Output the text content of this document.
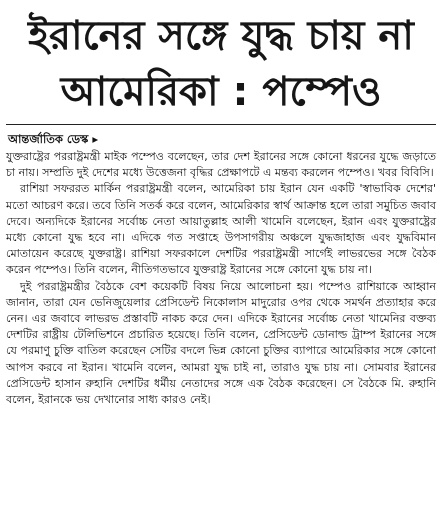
ইরানের সঙ্গে যুদ্ধ চায় না
আমেরিকা : পম্পেও
আন্তর্জাতিক ডেস্ক ▸

যুক্তরাষ্ট্রের পররাষ্ট্রমন্ত্রী মাইক পম্পেও বলেছেন, তার দেশ ইরানের সঙ্গে কোনো ধরনের যুদ্ধে জড়াতে চা নায়। সম্প্রতি দুই দেশের মধ্যে উত্তেজনা বৃদ্ধির প্রেক্ষাপটে এ মন্তব্য করলেন পম্পেও। খবর বিবিসি।

রাশিয়া সফররত মার্কিন পররাষ্ট্রমন্ত্রী বলেন, আমেরিকা চায় ইরান যেন একটি 'স্বাভাবিক দেশের' মতো আচরণ করে। তবে তিনি সতর্ক করে বলেন, আমেরিকার স্বার্থ আক্রান্ত হলে তারা সমুচিত জবাব দেবে। অন্যদিকে ইরানের সর্বোচ্চ নেতা আয়াতুল্লাহ আলী খামেনি বলেছেন, ইরান এবং যুক্তরাষ্ট্রের মধ্যে কোনো যুদ্ধ হবে না। এদিকে গত সপ্তাহে উপসাগরীয় অঞ্চলে যুদ্ধজাহাজ এবং যুদ্ধবিমান মোতায়েন করেছে যুক্তরাষ্ট্র। রাশিয়া সফরকালে দেশটির পররাষ্ট্রমন্ত্রী সার্গেই লাভরভের সঙ্গে বৈঠক করেন পম্পেও। তিনি বলেন, নীতিগতভাবে যুক্তরাষ্ট্র ইরানের সঙ্গে কোনো যুদ্ধ চায় না।

দুই পররাষ্ট্রমন্ত্রীর বৈঠকে বেশ কয়েকটি বিষয় নিয়ে আলোচনা হয়। পম্পেও রাশিয়াকে আহ্বান জানান, তারা যেন ভেনিজুয়েলার প্রেসিডেন্ট নিকোলাস মাদুরোর ওপর থেকে সমর্থন প্রত্যাহার করে নেন। এর জবাবে লাভরভ প্রস্তাবটি নাকচ করে দেন। এদিকে ইরানের সর্বোচ্চ নেতা খামেনির বক্তব্য দেশটির রাষ্ট্রীয় টেলিভিশনে প্রচারিত হয়েছে। তিনি বলেন, প্রেসিডেন্ট ডোনাল্ড ট্রাম্প ইরানের সঙ্গে যে পরমাণু চুক্তি বাতিল করেছেন সেটির বদলে ভিন্ন কোনো চুক্তির ব্যাপারে আমেরিকার সঙ্গে কোনো আপস করবে না ইরান। খামেনি বলেন, আমরা যুদ্ধ চাই না, তারাও যুদ্ধ চায় না। সোমবার ইরানের প্রেসিডেন্ট হাসান রুহানি দেশটির ধর্মীয় নেতাদের সঙ্গে এক বৈঠক করেছেন। সে বৈঠকে মি. রুহানি বলেন, ইরানকে ভয় দেখানোর সাধ্য কারও নেই।
